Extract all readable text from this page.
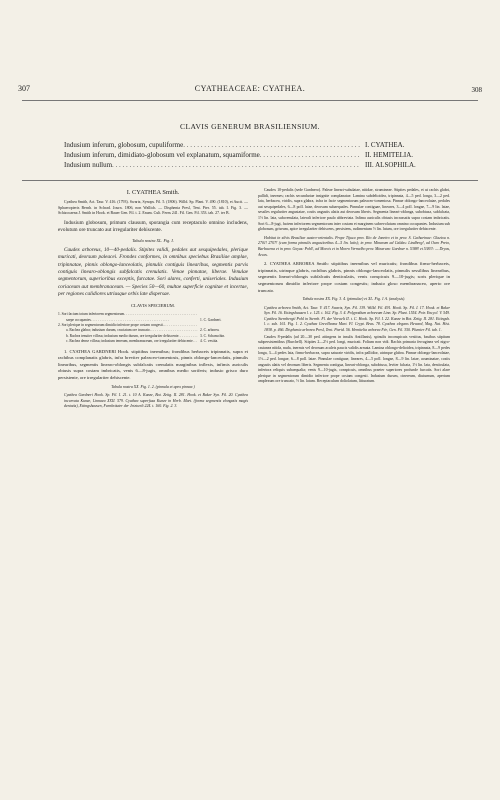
307	CYATHEACEAE: CYATHEA.	308
CLAVIS GENERUM BRASILIENSIUM.
Indusium inferum, globosum, cupuliforme . . .	I. CYATHEA.
Indusium inferum, dimidiato-globosum vel explanatum, squamiforme . . .	II. HEMITELIA.
Indusium nullum . . .	III. ALSOPHILA.
I. CYATHEA Smith.

Cyathea Smith, Act. Taur. V. 416. (1793). Swartz, Synops. Fil. 5. (1806). Willd. Sp. Plant. V. 490. (1810), et Auctt. — Sphaeropteris Bernh. in Schrad. Journ. 1806, non Wallich. — Disphenia Presl, Tent. Pter. 55. tab. I. Fig. 3. — Schizocaena J. Smith in Hook. et Bauer Gen. Fil. t. 2. Enum. Cult. Ferns 241. Fil. Gen. Fil. 353. tab. 27. ter B.

Indusium globosum, primum clausum, sporangia cum receptaculo omnino includens, evolutum ore truncato aut irregulariter dehiscente.

Tabula nostra XL. Fig. I.

Caudex arboreus, 10—40-pedalis. Stipites validi, pedales aut sesquipedales, plerique muricati, deorsum paleacei. Frondes conformes, in omnibus speciebus Brasiliae amplae, tripinnatae, pinnis oblongo-lanceolatis, pinnulis contiguis linearibus, segmentis parvis contiguis linearo-oblongis subfalcatis crenulatis. Venae pinnatae, liberae. Venulae segmentorum, superioribus exceptis, furcatae. Sori alares, conferti, uniseriales. Indusium coriaceum aut membranaceum. — Species 50—60, multae superficie cognitae et incertae, per regiones calidiores utriusque orbis late dispersae.

CLAVIS SPECIERUM.
1. Sori facium totum inferiorem segmentorum
. . .
saepe occupantes . . .	1. C. Gardneri.
2. Sori plerique in segmentorum dimidio inferiore prope costam congesti.
. . .
a. Rachea glabra; indusium durum, cruciatum ore truncato . . .	2. C. arborea.
b. Rachea tenuiter villosa; indusium medio durum, ore irregulariter dehiscente . . .	3. C. Schanschin.
c. Rachea dense villosa; indusium tenerum, membranaceum, ore irregulariter dehiscente . . .	4. C. vestita.

1. CYATHEA GARDNERI Hook. stipitibus inermibus; frondibus herbaceis tripinnatis, supra et rachibus complanatis glabris, infra breviter paleaceo-tomentosis, pinnis oblongo-lanceolatis, pinnulis linearibus, segmentis linearo-oblongis subfalcatis crenulatis marginibus inflexis, infimis auriculis obtusis supra costam imbricatis, venis 6—8-jugis, omnibus medio soriferis; indusio grisco duro persistente, ore irregulariter dehiscente.

Tabula nostra XX. Fig. 1. 2. (pinnula et apex pinnae.)

Cyathea Gardneri Hook. Sp. Fil. I. 21. t. 10 A. Kunze, Bot. Zeitg. II. 281. Hook. et Baker Syn. Fil. 20. Cyathea incurvata Kunze, Linnaea XXII. 579. Cyathea superfusa Kunze in Herb. Mart. (forma segmentis elongatis magis dentatis), Ettingshausen, Farnkräuter der Jetztwelt 224. t. 160. Fig. 2. 3.

Caudex 10-pedalis (sede Gardnero). Paleae lineari-subulatae, nitidae, stramineae. Stipites pedales, et ut rachis glabri, pallidi, inermes; rachis secundariae insignite complanatae. Lamina subdeltoidea, tripinnata, 4—5 ped. longa, 3—2 ped. lata, herbacea, viridis, supra glabra, infra in facie segmentorum paleaceo-tomentosa. Pinnae oblongo-lanceolatae, pedales aut sesquipedales, 6—8 poll. latae, deorsum subaequales. Pinnulae contiguae, lineares, 3—4 poll. longae, 7—9 lin. latae, sessiles regulariter angustatae, costis angustis alatis aut deorsum liberis. Segmenta lineari-oblonga, subobtusa, subfalcata, 1½ lin. lata, subcrenulata, laterali inferiore paulo abbreviata. Infima auriculis obtusis incrassatis supra costam imbricatis. Sori 6—8-jugi, faciem inferiorem segmentorum inter costam et marginem subrevolutum omnino occupantes. Indusium sub globosum, griseum, apice irregulariter dehiscens, persistens, rudimentum ½ lin. latum, ore irregulariter dehiscente.

Habitat in silvis Brasiliae austro-orientalis. Prope Tijuca prov. Rio de Janeiro et in prov. S. Catharinae: Glaziou n. 2701! 2707! (cum forma pinnulis angustioribus 4—5 lin. latis); in prov. Minarum ad Caldas: Lindberg!, ad Ouro Preto, Barbacena et in prov. Goyaz: Pohl!, ad Morcis et in Morro Vermelho prov. Minarum: Gardner n. 5388! et 5383!: — Dryas, Arcas.

2. CYATHEA ARBOREA Smith: stipitibus inermibus vel muricatis; frondibus firmo-herbaceis, tripinnatis, utrinque glabris, rachibus glabris, pinnis oblongo-lanceolatis, pinnulis sessilibus linearibus, segmentis lineari-oblongis subfalcatis denticulatis, venis conspicuis 9—10-jugis; soris plerique in segmentorum dimidio inferiore prope costam congestis; indusio gloso membranaceo, aperto ore truncato.

Tabula nostra XX. Fig. 3. 4. (pinnulae) et XL. Fig. 1 A. (analysis).

Cyathea arborea Smith, Act. Taur. V. 417. Swartz, Syn. Fil. 139. Willd. Fil. 491. Hook. Sp. Fil. I. 17. Hook. et Baker Syn. Fil. 16. Ettingshausen l. c. 125. t. 162. Fig. 3. 4. Polypodium arboreum Linn. Sp. Plant. 1554. Poir. Encycl. V. 549. Cyathea Sternbergii Pohl in Sternb. Fl. der Vorwelt II. t. C. Hook. Sp. Fil. I. 22. Kunze in Bot. Zeitg. II. 281. Ettingsh. l. c. sub. 161. Fig. 1. 2. Cyathea Grevilleana Mart. Fl. Crypt. Bras. 78. Cyathea elegans Heward, Mag. Nat. Hist. 1838. p. 466. Disphenia arborea Presl, Tent. Pterid. 56. Hemitelia arborea Fée, Gen. Fil. 350. Plumier Fil. tab. 1.

Caudex 8-pedalis (ad 20—30 ped. attingens in insulis Antillanis), spinulis inconspicuis vestitus, basibus stipitum subpersistentibus (Burchell). Stipites 2—2½ ped. longi, muricati. Folium non vidi. Rachis primaria ferruginea vel nigro-castanea nitida, nuda, inermis vel deorsum aculeis paucis validis armata. Lamina oblongo-deltoidea, tripinnata, 8—9 pedes longa, 3—4 pedes lata, firmo-herbacea, supra saturate viridis, infra pallidior, utrinque glabra. Pinnae oblongo-lanceolatae, 1½—2 ped. longae, 6—8 poll. latae. Pinnulae contiguae, lineares, 4—5 poll. longae, 8—9 lin. latae, acuminatae, costis angustis alatis vel deorsum liberis. Segmenta contigua, lineari-oblonga, subobtusa, leviter falcata, 1½ lin. lata, denticulata, inferiora reliquis subaequalia; venis 9—10-jugis, conspicuis, omnibus praeter superiores profunde furcatis. Sori alare plerique in segmentorum dimidio inferiore prope costam congesti. Indusium durum, cinereum, diuturnum, apertum amplexum ore truncato, ½ lin. latum. Receptaculum doliolatum, litturatum.
